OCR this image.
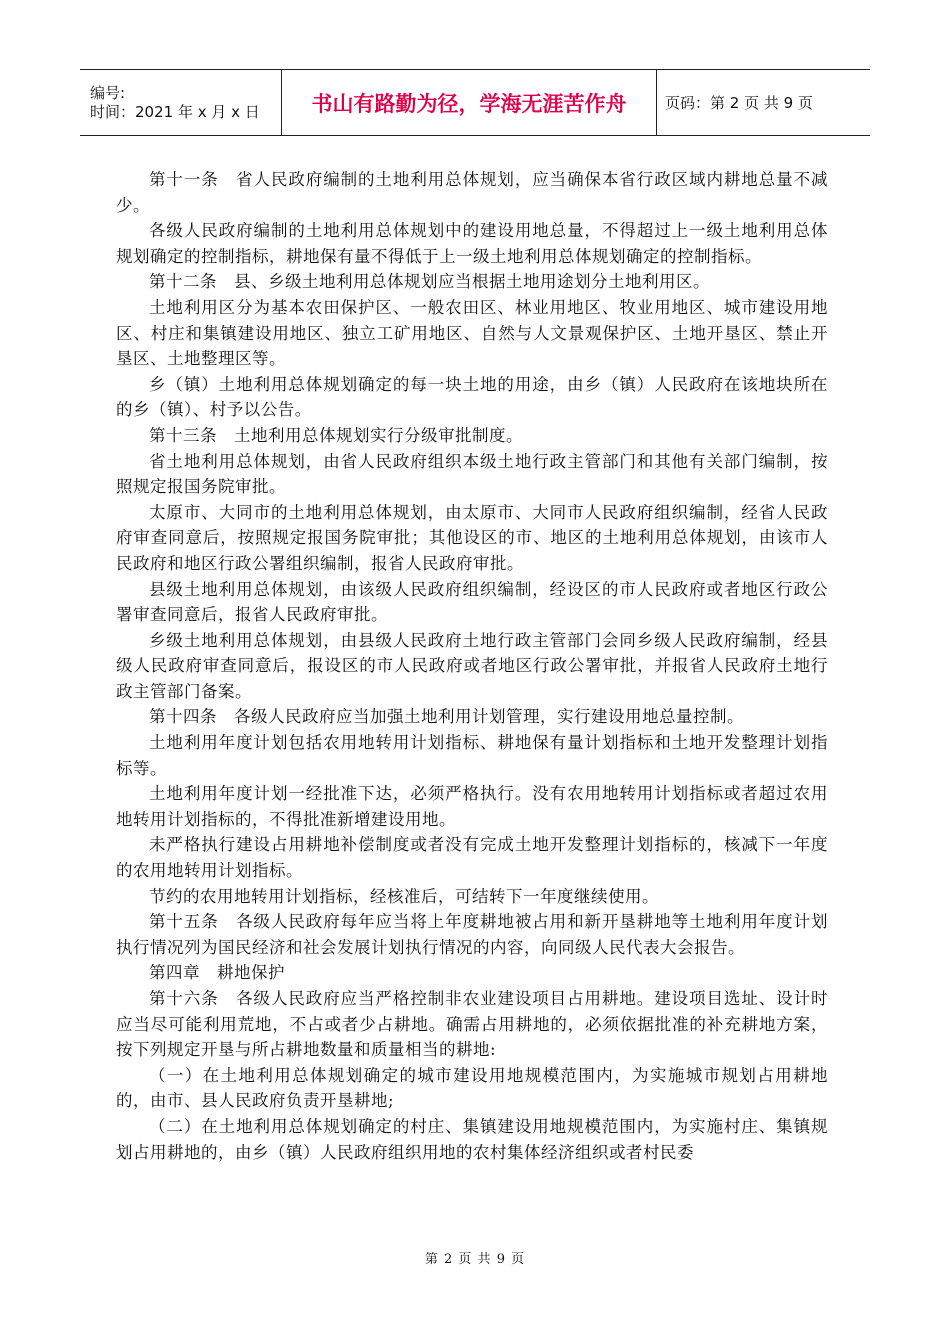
编号:
时间：2021 年 x 月 x 日	书山有路勤为径，学海无涯苦作舟	页码：第 2 页 共 9 页

第十一条　省人民政府编制的土地利用总体规划，应当确保本省行政区域内耕地总量不减少。

各级人民政府编制的土地利用总体规划中的建设用地总量，不得超过上一级土地利用总体规划确定的控制指标，耕地保有量不得低于上一级土地利用总体规划确定的控制指标。

第十二条　县、乡级土地利用总体规划应当根据土地用途划分土地利用区。

土地利用区分为基本农田保护区、一般农田区、林业用地区、牧业用地区、城市建设用地区、村庄和集镇建设用地区、独立工矿用地区、自然与人文景观保护区、土地开垦区、禁止开垦区、土地整理区等。

乡（镇）土地利用总体规划确定的每一块土地的用途，由乡（镇）人民政府在该地块所在的乡（镇）、村予以公告。

第十三条　土地利用总体规划实行分级审批制度。

省土地利用总体规划，由省人民政府组织本级土地行政主管部门和其他有关部门编制，按照规定报国务院审批。

太原市、大同市的土地利用总体规划，由太原市、大同市人民政府组织编制，经省人民政府审查同意后，按照规定报国务院审批；其他设区的市、地区的土地利用总体规划，由该市人民政府和地区行政公署组织编制，报省人民政府审批。

县级土地利用总体规划，由该级人民政府组织编制，经设区的市人民政府或者地区行政公署审查同意后，报省人民政府审批。

乡级土地利用总体规划，由县级人民政府土地行政主管部门会同乡级人民政府编制，经县级人民政府审查同意后，报设区的市人民政府或者地区行政公署审批，并报省人民政府土地行政主管部门备案。

第十四条　各级人民政府应当加强土地利用计划管理，实行建设用地总量控制。

土地利用年度计划包括农用地转用计划指标、耕地保有量计划指标和土地开发整理计划指标等。

土地利用年度计划一经批准下达，必须严格执行。没有农用地转用计划指标或者超过农用地转用计划指标的，不得批准新增建设用地。

未严格执行建设占用耕地补偿制度或者没有完成土地开发整理计划指标的，核减下一年度的农用地转用计划指标。

节约的农用地转用计划指标，经核准后，可结转下一年度继续使用。

第十五条　各级人民政府每年应当将上年度耕地被占用和新开垦耕地等土地利用年度计划执行情况列为国民经济和社会发展计划执行情况的内容，向同级人民代表大会报告。

第四章　耕地保护

第十六条　各级人民政府应当严格控制非农业建设项目占用耕地。建设项目选址、设计时应当尽可能利用荒地，不占或者少占耕地。确需占用耕地的，必须依据批准的补充耕地方案，按下列规定开垦与所占耕地数量和质量相当的耕地:

（一）在土地利用总体规划确定的城市建设用地规模范围内，为实施城市规划占用耕地的，由市、县人民政府负责开垦耕地;

（二）在土地利用总体规划确定的村庄、集镇建设用地规模范围内，为实施村庄、集镇规划占用耕地的，由乡（镇）人民政府组织用地的农村集体经济组织或者村民委

第 2 页 共 9 页
